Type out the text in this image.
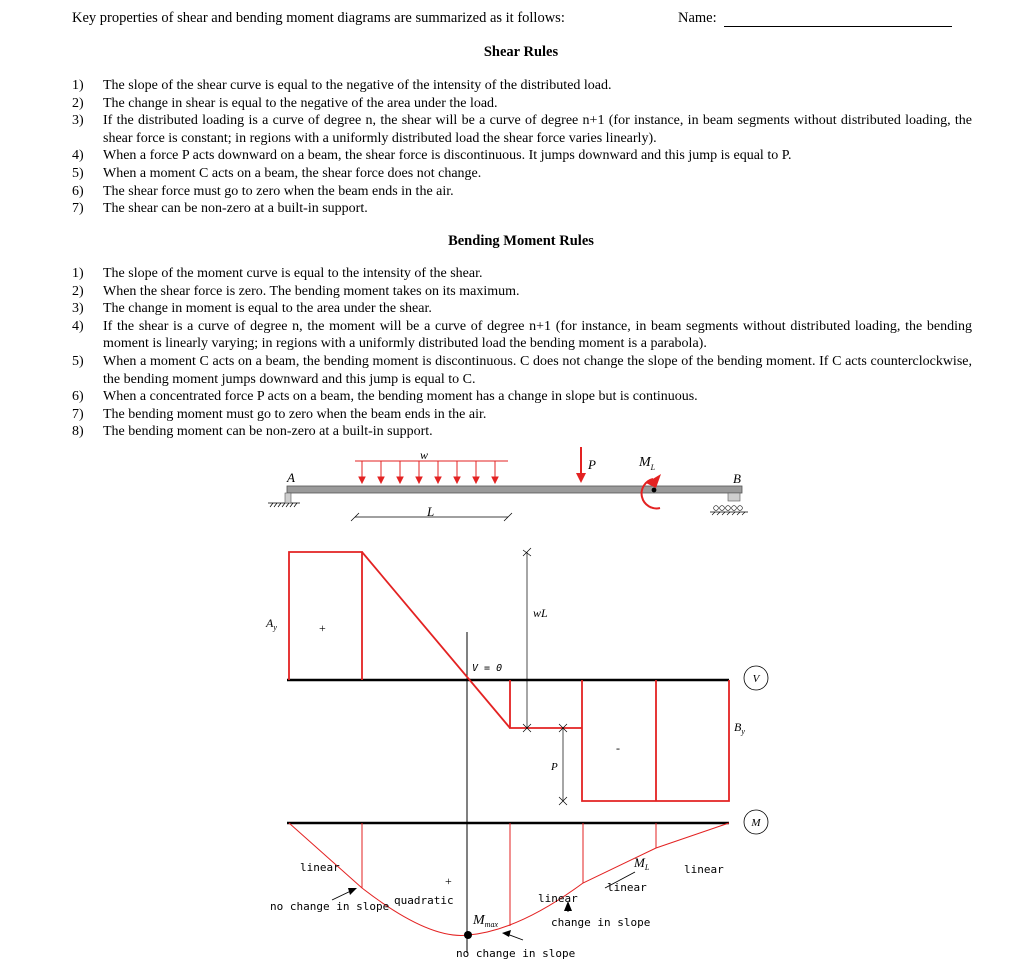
Key properties of shear and bending moment diagrams are summarized as it follows:	Name:
Shear Rules
1) The slope of the shear curve is equal to the negative of the intensity of the distributed load.
2) The change in shear is equal to the negative of the area under the load.
3) If the distributed loading is a curve of degree n, the shear will be a curve of degree n+1 (for instance, in beam segments without distributed loading, the shear force is constant; in regions with a uniformly distributed load the shear force varies linearly).
4) When a force P acts downward on a beam, the shear force is discontinuous. It jumps downward and this jump is equal to P.
5) When a moment C acts on a beam, the shear force does not change.
6) The shear force must go to zero when the beam ends in the air.
7) The shear can be non-zero at a built-in support.
Bending Moment Rules
1) The slope of the moment curve is equal to the intensity of the shear.
2) When the shear force is zero. The bending moment takes on its maximum.
3) The change in moment is equal to the area under the shear.
4) If the shear is a curve of degree n, the moment will be a curve of degree n+1 (for instance, in beam segments without distributed loading, the bending moment is linearly varying; in regions with a uniformly distributed load the bending moment is a parabola).
5) When a moment C acts on a beam, the bending moment is discontinuous. C does not change the slope of the bending moment. If C acts counterclockwise, the bending moment jumps downward and this jump is equal to C.
6) When a concentrated force P acts on a beam, the bending moment has a change in slope but is continuous.
7) The bending moment must go to zero when the beam ends in the air.
8) The bending moment can be non-zero at a built-in support.
w
P	$M_L$
A	B
L
$A_y$	+
V = 0
wL
P
-
$B_y$
V
M
linear
+
no change in slope quadratic
$M_{max}$
linear
change in slope
no change in slope
$M_L$
linear
linear
